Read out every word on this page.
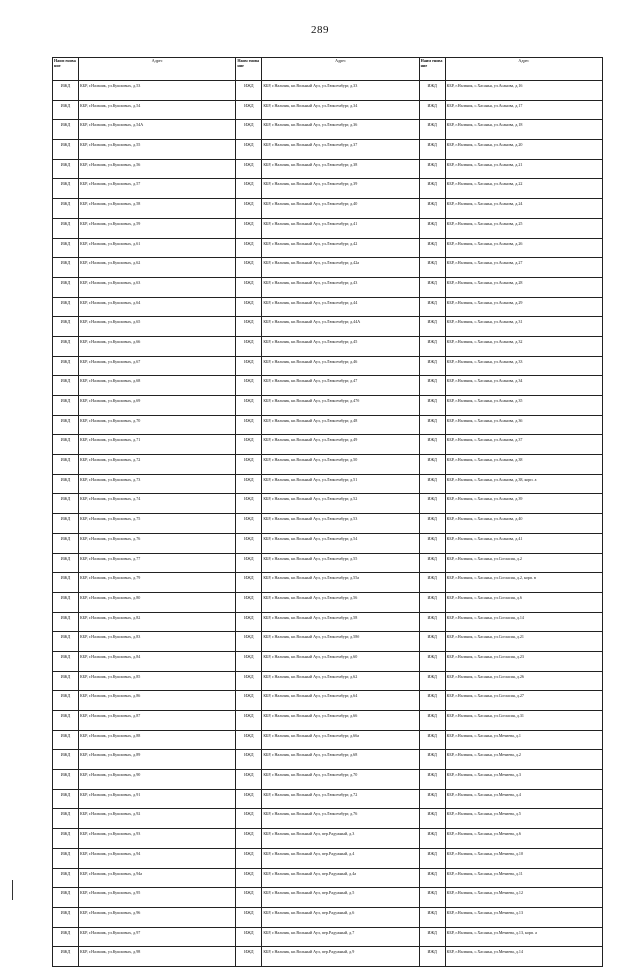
289
Наим енова ние	Адрес	Наим енова ние	Адрес	Наим енова ние	Адрес
ИЖД	КБР, г.Нальчик, ул.Кушховых, д.53	ИЖД	КБР, г.Нальчик, кп.Вольный Аул, ул.Люксембург, д.33	ИЖД	КБР, г.Нальчик, с.Хасанья, ул.Асанова, д.16

ИЖД	КБР, г.Нальчик, ул.Кушховых, д.54	ИЖД	КБР, г.Нальчик, кп.Вольный Аул, ул.Люксембург, д.34	ИЖД	КБР, г.Нальчик, с.Хасанья, ул.Асанова, д.17

ИЖД	КБР, г.Нальчик, ул.Кушховых, д.54А	ИЖД	КБР, г.Нальчик, кп.Вольный Аул, ул.Люксембург, д.36	ИЖД	КБР, г.Нальчик, с.Хасанья, ул.Асанова, д.18

ИЖД	КБР, г.Нальчик, ул.Кушховых, д.55	ИЖД	КБР, г.Нальчик, кп.Вольный Аул, ул.Люксембург, д.37	ИЖД	КБР, г.Нальчик, с.Хасанья, ул.Асанова, д.20

ИЖД	КБР, г.Нальчик, ул.Кушховых, д.56	ИЖД	КБР, г.Нальчик, кп.Вольный Аул, ул.Люксембург, д.38	ИЖД	КБР, г.Нальчик, с.Хасанья, ул.Асанова, д.21

ИЖД	КБР, г.Нальчик, ул.Кушховых, д.57	ИЖД	КБР, г.Нальчик, кп.Вольный Аул, ул.Люксембург, д.39	ИЖД	КБР, г.Нальчик, с.Хасанья, ул.Асанова, д.22

ИЖД	КБР, г.Нальчик, ул.Кушховых, д.58	ИЖД	КБР, г.Нальчик, кп.Вольный Аул, ул.Люксембург, д.40	ИЖД	КБР, г.Нальчик, с.Хасанья, ул.Асанова, д.24

ИЖД	КБР, г.Нальчик, ул.Кушховых, д.59	ИЖД	КБР, г.Нальчик, кп.Вольный Аул, ул.Люксембург, д.41	ИЖД	КБР, г.Нальчик, с.Хасанья, ул.Асанова, д.25

ИЖД	КБР, г.Нальчик, ул.Кушховых, д.61	ИЖД	КБР, г.Нальчик, кп.Вольный Аул, ул.Люксембург, д.42	ИЖД	КБР, г.Нальчик, с.Хасанья, ул.Асанова, д.26

ИЖД	КБР, г.Нальчик, ул.Кушховых, д.62	ИЖД	КБР, г.Нальчик, кп.Вольный Аул, ул.Люксембург, д.42а	ИЖД	КБР, г.Нальчик, с.Хасанья, ул.Асанова, д.27

ИЖД	КБР, г.Нальчик, ул.Кушховых, д.63	ИЖД	КБР, г.Нальчик, кп.Вольный Аул, ул.Люксембург, д.43	ИЖД	КБР, г.Нальчик, с.Хасанья, ул.Асанова, д.28

ИЖД	КБР, г.Нальчик, ул.Кушховых, д.64	ИЖД	КБР, г.Нальчик, кп.Вольный Аул, ул.Люксембург, д.44	ИЖД	КБР, г.Нальчик, с.Хасанья, ул.Асанова, д.29

ИЖД	КБР, г.Нальчик, ул.Кушховых, д.65	ИЖД	КБР, г.Нальчик, кп.Вольный Аул, ул.Люксембург, д.44А	ИЖД	КБР, г.Нальчик, с.Хасанья, ул.Асанова, д.31

ИЖД	КБР, г.Нальчик, ул.Кушховых, д.66	ИЖД	КБР, г.Нальчик, кп.Вольный Аул, ул.Люксембург, д.45	ИЖД	КБР, г.Нальчик, с.Хасанья, ул.Асанова, д.32

ИЖД	КБР, г.Нальчик, ул.Кушховых, д.67	ИЖД	КБР, г.Нальчик, кп.Вольный Аул, ул.Люксембург, д.46	ИЖД	КБР, г.Нальчик, с.Хасанья, ул.Асанова, д.33

ИЖД	КБР, г.Нальчик, ул.Кушховых, д.68	ИЖД	КБР, г.Нальчик, кп.Вольный Аул, ул.Люксембург, д.47	ИЖД	КБР, г.Нальчик, с.Хасанья, ул.Асанова, д.34

ИЖД	КБР, г.Нальчик, ул.Кушховых, д.69	ИЖД	КБР, г.Нальчик, кп.Вольный Аул, ул.Люксембург, д.47б	ИЖД	КБР, г.Нальчик, с.Хасанья, ул.Асанова, д.35

ИЖД	КБР, г.Нальчик, ул.Кушховых, д.70	ИЖД	КБР, г.Нальчик, кп.Вольный Аул, ул.Люксембург, д.48	ИЖД	КБР, г.Нальчик, с.Хасанья, ул.Асанова, д.36

ИЖД	КБР, г.Нальчик, ул.Кушховых, д.71	ИЖД	КБР, г.Нальчик, кп.Вольный Аул, ул.Люксембург, д.49	ИЖД	КБР, г.Нальчик, с.Хасанья, ул.Асанова, д.37

ИЖД	КБР, г.Нальчик, ул.Кушховых, д.72	ИЖД	КБР, г.Нальчик, кп.Вольный Аул, ул.Люксембург, д.50	ИЖД	КБР, г.Нальчик, с.Хасанья, ул.Асанова, д.38

ИЖД	КБР, г.Нальчик, ул.Кушховых, д.73	ИЖД	КБР, г.Нальчик, кп.Вольный Аул, ул.Люксембург, д.51	ИЖД	КБР, г.Нальчик, с.Хасанья, ул.Асанова, д.38, корп. а

ИЖД	КБР, г.Нальчик, ул.Кушховых, д.74	ИЖД	КБР, г.Нальчик, кп.Вольный Аул, ул.Люксембург, д.52	ИЖД	КБР, г.Нальчик, с.Хасанья, ул.Асанова, д.39

ИЖД	КБР, г.Нальчик, ул.Кушховых, д.75	ИЖД	КБР, г.Нальчик, кп.Вольный Аул, ул.Люксембург, д.53	ИЖД	КБР, г.Нальчик, с.Хасанья, ул.Асанова, д.40

ИЖД	КБР, г.Нальчик, ул.Кушховых, д.76	ИЖД	КБР, г.Нальчик, кп.Вольный Аул, ул.Люксембург, д.54	ИЖД	КБР, г.Нальчик, с.Хасанья, ул.Асанова, д.41

ИЖД	КБР, г.Нальчик, ул.Кушховых, д.77	ИЖД	КБР, г.Нальчик, кп.Вольный Аул, ул.Люксембург, д.55	ИЖД	КБР, г.Нальчик, с.Хасанья, ул.Согласия, д.2

ИЖД	КБР, г.Нальчик, ул.Кушховых, д.79	ИЖД	КБР, г.Нальчик, кп.Вольный Аул, ул.Люксембург, д.55а	ИЖД	КБР, г.Нальчик, с.Хасанья, ул.Согласия, д.2, корп. в

ИЖД	КБР, г.Нальчик, ул.Кушховых, д.80	ИЖД	КБР, г.Нальчик, кп.Вольный Аул, ул.Люксембург, д.56	ИЖД	КБР, г.Нальчик, с.Хасанья, ул.Согласия, д.6

ИЖД	КБР, г.Нальчик, ул.Кушховых, д.82	ИЖД	КБР, г.Нальчик, кп.Вольный Аул, ул.Люксембург, д.58	ИЖД	КБР, г.Нальчик, с.Хасанья, ул.Согласия, д.14

ИЖД	КБР, г.Нальчик, ул.Кушховых, д.83	ИЖД	КБР, г.Нальчик, кп.Вольный Аул, ул.Люксембург, д.58б	ИЖД	КБР, г.Нальчик, с.Хасанья, ул.Согласия, д.21

ИЖД	КБР, г.Нальчик, ул.Кушховых, д.84	ИЖД	КБР, г.Нальчик, кп.Вольный Аул, ул.Люксембург, д.60	ИЖД	КБР, г.Нальчик, с.Хасанья, ул.Согласия, д.23

ИЖД	КБР, г.Нальчик, ул.Кушховых, д.85	ИЖД	КБР, г.Нальчик, кп.Вольный Аул, ул.Люксембург, д.62	ИЖД	КБР, г.Нальчик, с.Хасанья, ул.Согласия, д.26

ИЖД	КБР, г.Нальчик, ул.Кушховых, д.86	ИЖД	КБР, г.Нальчик, кп.Вольный Аул, ул.Люксембург, д.64	ИЖД	КБР, г.Нальчик, с.Хасанья, ул.Согласия, д.27

ИЖД	КБР, г.Нальчик, ул.Кушховых, д.87	ИЖД	КБР, г.Нальчик, кп.Вольный Аул, ул.Люксембург, д.66	ИЖД	КБР, г.Нальчик, с.Хасанья, ул.Согласия, д.31

ИЖД	КБР, г.Нальчик, ул.Кушховых, д.88	ИЖД	КБР, г.Нальчик, кп.Вольный Аул, ул.Люксембург, д.66а	ИЖД	КБР, г.Нальчик, с.Хасанья, ул.Мечиева, д.1

ИЖД	КБР, г.Нальчик, ул.Кушховых, д.89	ИЖД	КБР, г.Нальчик, кп.Вольный Аул, ул.Люксембург, д.68	ИЖД	КБР, г.Нальчик, с.Хасанья, ул.Мечиева, д.2

ИЖД	КБР, г.Нальчик, ул.Кушховых, д.90	ИЖД	КБР, г.Нальчик, кп.Вольный Аул, ул.Люксембург, д.70	ИЖД	КБР, г.Нальчик, с.Хасанья, ул.Мечиева, д.3

ИЖД	КБР, г.Нальчик, ул.Кушховых, д.91	ИЖД	КБР, г.Нальчик, кп.Вольный Аул, ул.Люксембург, д.72	ИЖД	КБР, г.Нальчик, с.Хасанья, ул.Мечиева, д.4

ИЖД	КБР, г.Нальчик, ул.Кушховых, д.92	ИЖД	КБР, г.Нальчик, кп.Вольный Аул, ул.Люксембург, д.76	ИЖД	КБР, г.Нальчик, с.Хасанья, ул.Мечиева, д.5

ИЖД	КБР, г.Нальчик, ул.Кушховых, д.93	ИЖД	КБР, г.Нальчик, кп.Вольный Аул, пер.Радужный, д.3	ИЖД	КБР, г.Нальчик, с.Хасанья, ул.Мечиева, д.6

ИЖД	КБР, г.Нальчик, ул.Кушховых, д.94	ИЖД	КБР, г.Нальчик, кп.Вольный Аул, пер.Радужный, д.4	ИЖД	КБР, г.Нальчик, с.Хасанья, ул.Мечиева, д.10

ИЖД	КБР, г.Нальчик, ул.Кушховых, д.94а	ИЖД	КБР, г.Нальчик, кп.Вольный Аул, пер.Радужный, д.4а	ИЖД	КБР, г.Нальчик, с.Хасанья, ул.Мечиева, д.11

ИЖД	КБР, г.Нальчик, ул.Кушховых, д.95	ИЖД	КБР, г.Нальчик, кп.Вольный Аул, пер.Радужный, д.5	ИЖД	КБР, г.Нальчик, с.Хасанья, ул.Мечиева, д.12

ИЖД	КБР, г.Нальчик, ул.Кушховых, д.96	ИЖД	КБР, г.Нальчик, кп.Вольный Аул, пер.Радужный, д.6	ИЖД	КБР, г.Нальчик, с.Хасанья, ул.Мечиева, д.13

ИЖД	КБР, г.Нальчик, ул.Кушховых, д.97	ИЖД	КБР, г.Нальчик, кп.Вольный Аул, пер.Радужный, д.7	ИЖД	КБР, г.Нальчик, с.Хасанья, ул.Мечиева, д.13, корп. а

ИЖД	КБР, г.Нальчик, ул.Кушховых, д.98	ИЖД	КБР, г.Нальчик, кп.Вольный Аул, пер.Радужный, д.9	ИЖД	КБР, г.Нальчик, с.Хасанья, ул.Мечиева, д.14
